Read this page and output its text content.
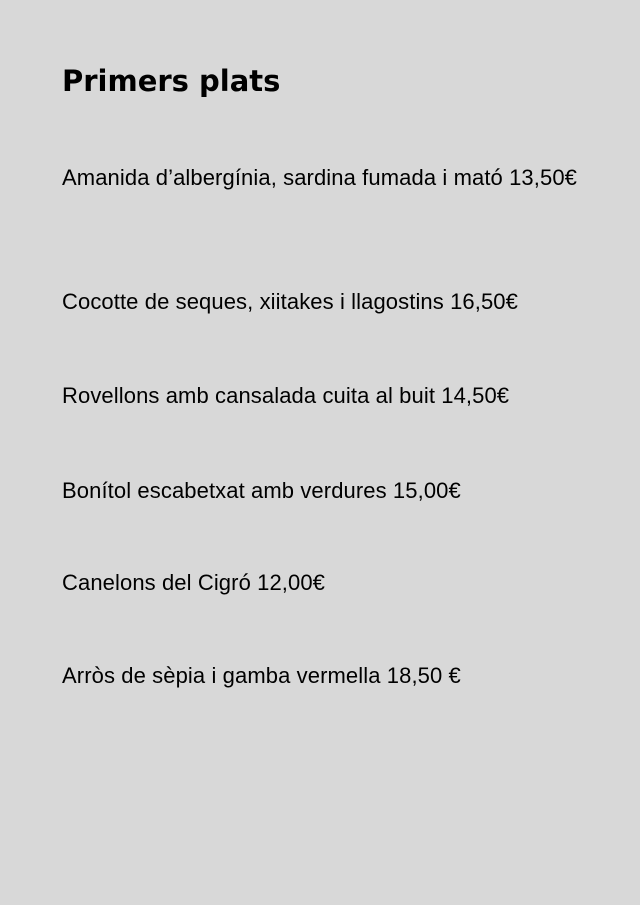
Primers plats
Amanida d’albergínia, sardina fumada i mató 13,50€
Cocotte de seques, xiitakes i llagostins 16,50€
Rovellons amb cansalada cuita al buit 14,50€
Bonítol escabetxat amb verdures 15,00€
Canelons del Cigró 12,00€
Arròs de sèpia i gamba vermella 18,50 €
